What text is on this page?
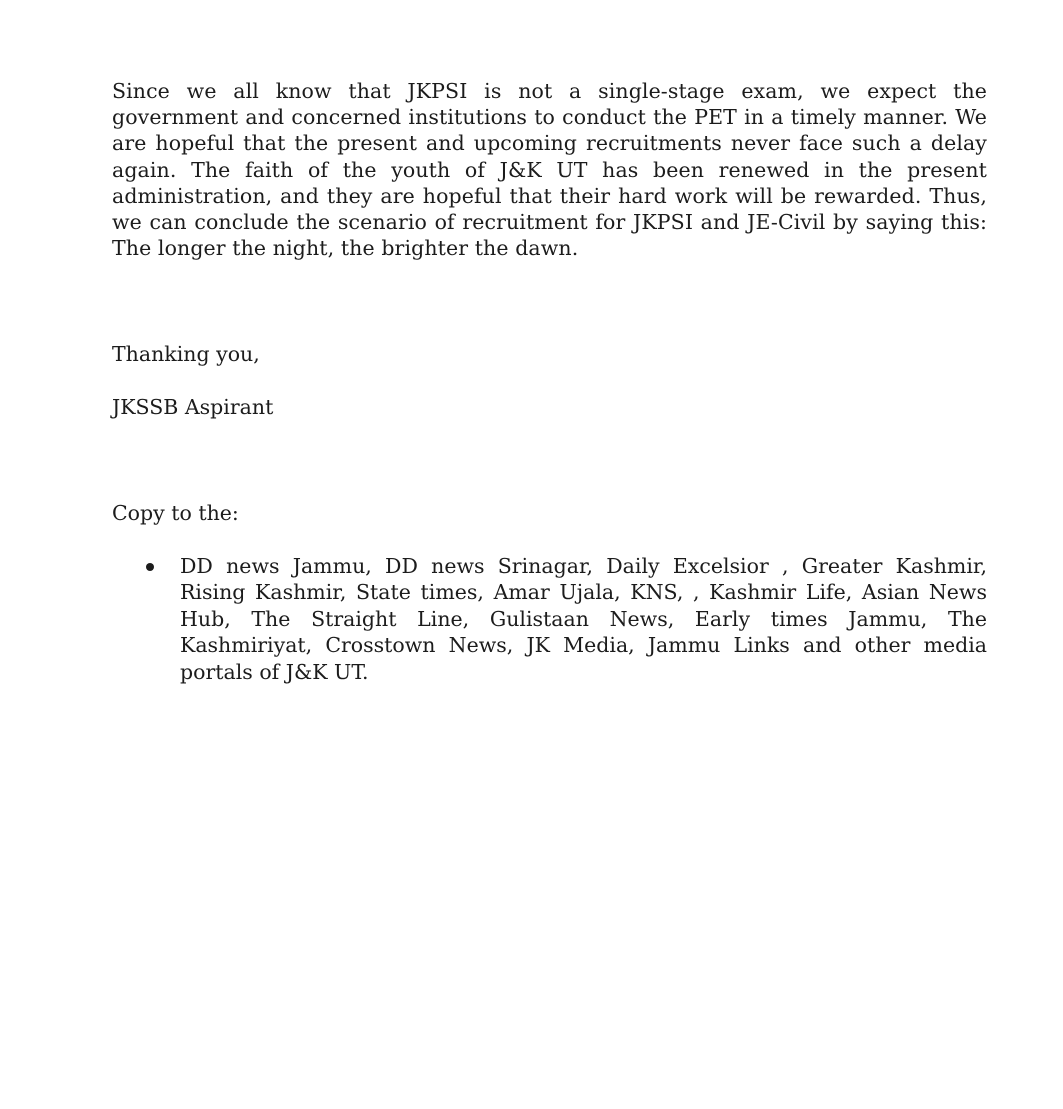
Since we all know that JKPSI is not a single-stage exam, we expect the government and concerned institutions to conduct the PET in a timely manner. We are hopeful that the present and upcoming recruitments never face such a delay again. The faith of the youth of J&K UT has been renewed in the present administration, and they are hopeful that their hard work will be rewarded. Thus, we can conclude the scenario of recruitment for JKPSI and JE-Civil by saying this: The longer the night, the brighter the dawn.

Thanking you,

JKSSB Aspirant

Copy to the:

DD news Jammu, DD news Srinagar, Daily Excelsior , Greater Kashmir, Rising Kashmir, State times, Amar Ujala, KNS, , Kashmir Life, Asian News Hub, The Straight Line, Gulistaan News, Early times Jammu, The Kashmiriyat, Crosstown News, JK Media, Jammu Links and other media portals of J&K UT.
